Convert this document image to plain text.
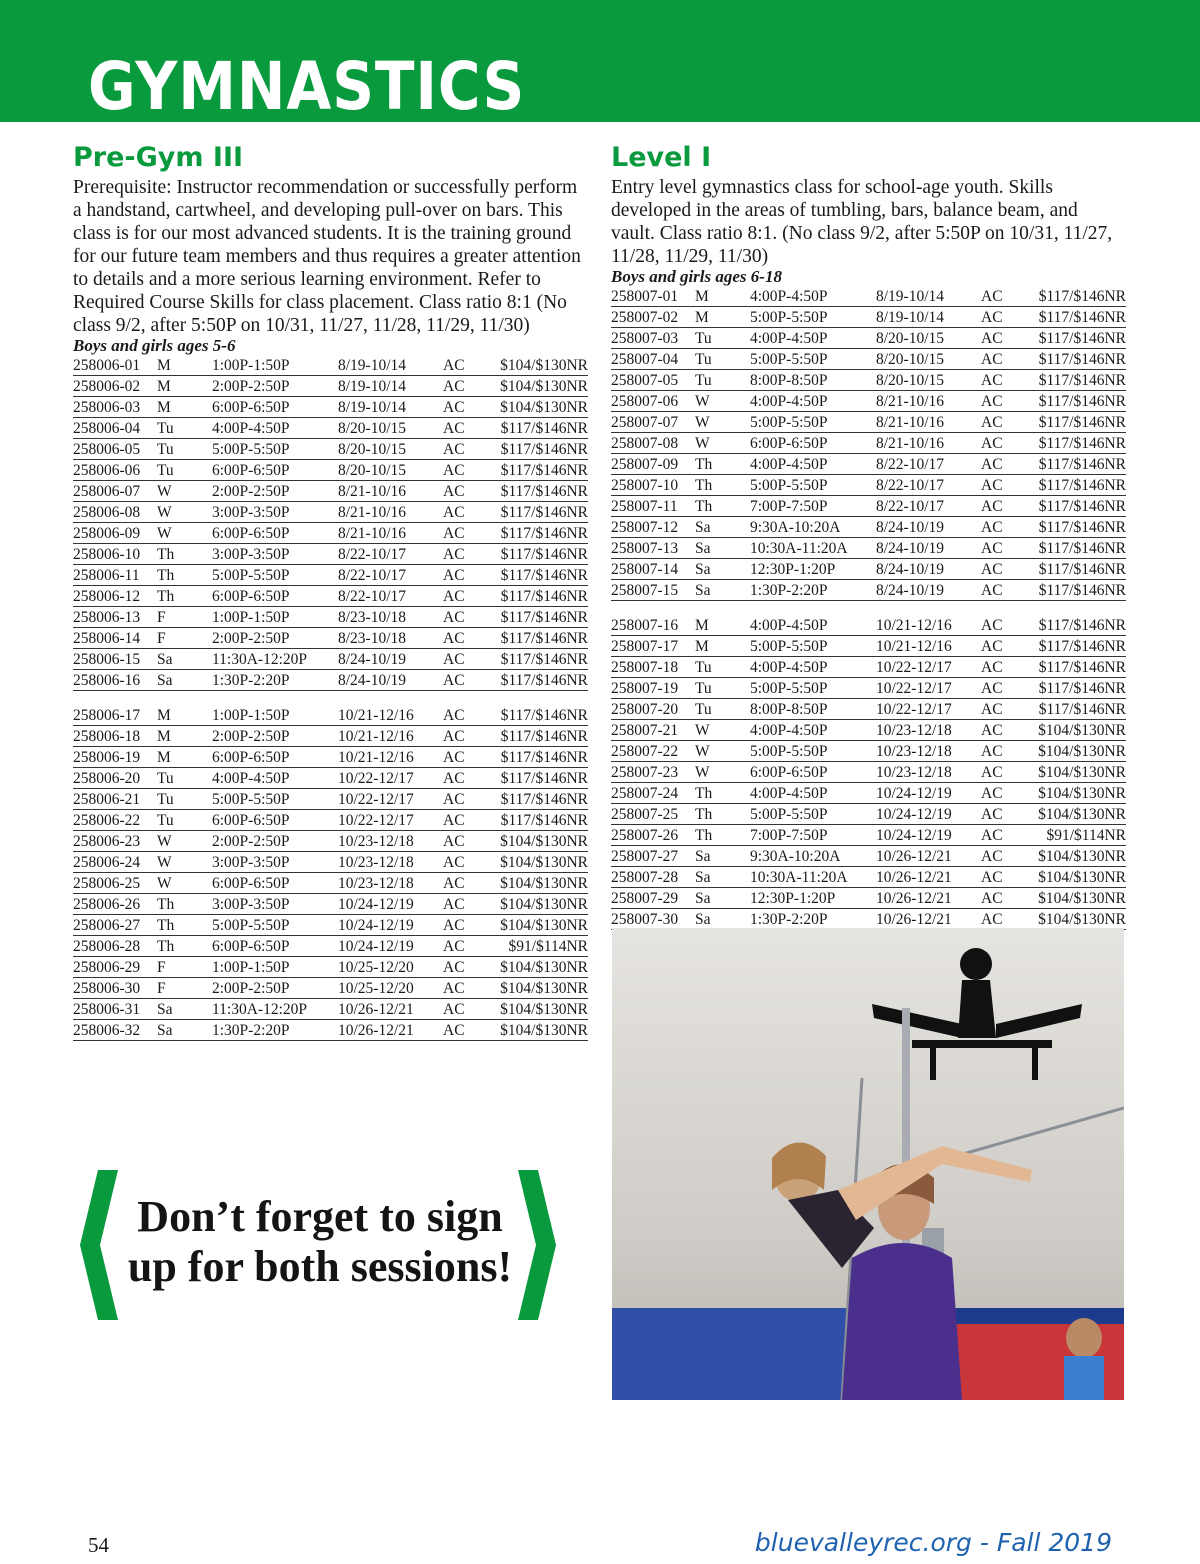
GYMNASTICS
Pre-Gym III

Prerequisite: Instructor recommendation or successfully perform a handstand, cartwheel, and developing pull-over on bars. This class is for our most advanced students. It is the training ground for our future team members and thus requires a greater attention to details and a more serious learning environment. Refer to Required Course Skills for class placement. Class ratio 8:1 (No class 9/2, after 5:50P on 10/31, 11/27, 11/28, 11/29, 11/30)

Boys and girls ages 5-6

258006-01	M	1:00P-1:50P	8/19-10/14	AC	$104/$130NR
258006-02	M	2:00P-2:50P	8/19-10/14	AC	$104/$130NR
258006-03	M	6:00P-6:50P	8/19-10/14	AC	$104/$130NR
258006-04	Tu	4:00P-4:50P	8/20-10/15	AC	$117/$146NR
258006-05	Tu	5:00P-5:50P	8/20-10/15	AC	$117/$146NR
258006-06	Tu	6:00P-6:50P	8/20-10/15	AC	$117/$146NR
258006-07	W	2:00P-2:50P	8/21-10/16	AC	$117/$146NR
258006-08	W	3:00P-3:50P	8/21-10/16	AC	$117/$146NR
258006-09	W	6:00P-6:50P	8/21-10/16	AC	$117/$146NR
258006-10	Th	3:00P-3:50P	8/22-10/17	AC	$117/$146NR
258006-11	Th	5:00P-5:50P	8/22-10/17	AC	$117/$146NR
258006-12	Th	6:00P-6:50P	8/22-10/17	AC	$117/$146NR
258006-13	F	1:00P-1:50P	8/23-10/18	AC	$117/$146NR
258006-14	F	2:00P-2:50P	8/23-10/18	AC	$117/$146NR
258006-15	Sa	11:30A-12:20P	8/24-10/19	AC	$117/$146NR
258006-16	Sa	1:30P-2:20P	8/24-10/19	AC	$117/$146NR
258006-17	M	1:00P-1:50P	10/21-12/16	AC	$117/$146NR
258006-18	M	2:00P-2:50P	10/21-12/16	AC	$117/$146NR
258006-19	M	6:00P-6:50P	10/21-12/16	AC	$117/$146NR
258006-20	Tu	4:00P-4:50P	10/22-12/17	AC	$117/$146NR
258006-21	Tu	5:00P-5:50P	10/22-12/17	AC	$117/$146NR
258006-22	Tu	6:00P-6:50P	10/22-12/17	AC	$117/$146NR
258006-23	W	2:00P-2:50P	10/23-12/18	AC	$104/$130NR
258006-24	W	3:00P-3:50P	10/23-12/18	AC	$104/$130NR
258006-25	W	6:00P-6:50P	10/23-12/18	AC	$104/$130NR
258006-26	Th	3:00P-3:50P	10/24-12/19	AC	$104/$130NR
258006-27	Th	5:00P-5:50P	10/24-12/19	AC	$104/$130NR
258006-28	Th	6:00P-6:50P	10/24-12/19	AC	$91/$114NR
258006-29	F	1:00P-1:50P	10/25-12/20	AC	$104/$130NR
258006-30	F	2:00P-2:50P	10/25-12/20	AC	$104/$130NR
258006-31	Sa	11:30A-12:20P	10/26-12/21	AC	$104/$130NR
258006-32	Sa	1:30P-2:20P	10/26-12/21	AC	$104/$130NR
Level I

Entry level gymnastics class for school-age youth. Skills developed in the areas of tumbling, bars, balance beam, and vault. Class ratio 8:1. (No class 9/2, after 5:50P on 10/31, 11/27, 11/28, 11/29, 11/30)

Boys and girls ages 6-18

258007-01	M	4:00P-4:50P	8/19-10/14	AC	$117/$146NR
258007-02	M	5:00P-5:50P	8/19-10/14	AC	$117/$146NR
258007-03	Tu	4:00P-4:50P	8/20-10/15	AC	$117/$146NR
258007-04	Tu	5:00P-5:50P	8/20-10/15	AC	$117/$146NR
258007-05	Tu	8:00P-8:50P	8/20-10/15	AC	$117/$146NR
258007-06	W	4:00P-4:50P	8/21-10/16	AC	$117/$146NR
258007-07	W	5:00P-5:50P	8/21-10/16	AC	$117/$146NR
258007-08	W	6:00P-6:50P	8/21-10/16	AC	$117/$146NR
258007-09	Th	4:00P-4:50P	8/22-10/17	AC	$117/$146NR
258007-10	Th	5:00P-5:50P	8/22-10/17	AC	$117/$146NR
258007-11	Th	7:00P-7:50P	8/22-10/17	AC	$117/$146NR
258007-12	Sa	9:30A-10:20A	8/24-10/19	AC	$117/$146NR
258007-13	Sa	10:30A-11:20A	8/24-10/19	AC	$117/$146NR
258007-14	Sa	12:30P-1:20P	8/24-10/19	AC	$117/$146NR
258007-15	Sa	1:30P-2:20P	8/24-10/19	AC	$117/$146NR
258007-16	M	4:00P-4:50P	10/21-12/16	AC	$117/$146NR
258007-17	M	5:00P-5:50P	10/21-12/16	AC	$117/$146NR
258007-18	Tu	4:00P-4:50P	10/22-12/17	AC	$117/$146NR
258007-19	Tu	5:00P-5:50P	10/22-12/17	AC	$117/$146NR
258007-20	Tu	8:00P-8:50P	10/22-12/17	AC	$117/$146NR
258007-21	W	4:00P-4:50P	10/23-12/18	AC	$104/$130NR
258007-22	W	5:00P-5:50P	10/23-12/18	AC	$104/$130NR
258007-23	W	6:00P-6:50P	10/23-12/18	AC	$104/$130NR
258007-24	Th	4:00P-4:50P	10/24-12/19	AC	$104/$130NR
258007-25	Th	5:00P-5:50P	10/24-12/19	AC	$104/$130NR
258007-26	Th	7:00P-7:50P	10/24-12/19	AC	$91/$114NR
258007-27	Sa	9:30A-10:20A	10/26-12/21	AC	$104/$130NR
258007-28	Sa	10:30A-11:20A	10/26-12/21	AC	$104/$130NR
258007-29	Sa	12:30P-1:20P	10/26-12/21	AC	$104/$130NR
258007-30	Sa	1:30P-2:20P	10/26-12/21	AC	$104/$130NR

Don’t forget to sign up for both sessions!

54	bluevalleyrec.org - Fall 2019
